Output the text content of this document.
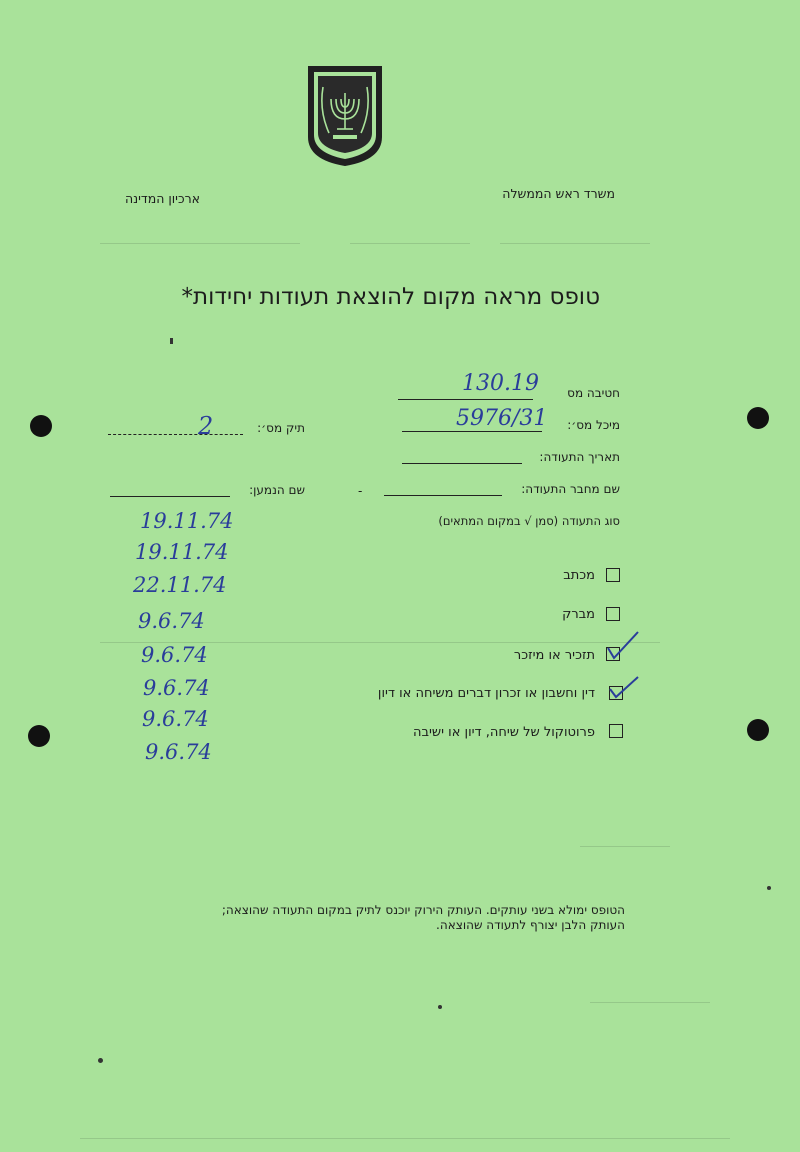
משרד ראש הממשלה
ארכיון המדינה
טופס מראה מקום להוצאת תעודות יחידות*
חטיבה מס
130.19
מיכל מס׳:
5976/31
תיק מס׳:
2
תאריך התעודה:
שם מחבר התעודה:
-
שם הנמען:
סוג התעודה (סמן √ במקום המתאים)
מכתב
מברק
תזכיר או מיזכר
דין וחשבון או זכרון דברים משיחה או דיון
פרוטוקול של שיחה, דיון או ישיבה
19.11.74
19.11.74
22.11.74
9.6.74
9.6.74
9.6.74
9.6.74
9.6.74
הטופס ימולא בשני עותקים. העותק הירוק יוכנס לתיק במקום התעודה שהוצאה;
העותק הלבן יצורף לתעודה שהוצאה.
